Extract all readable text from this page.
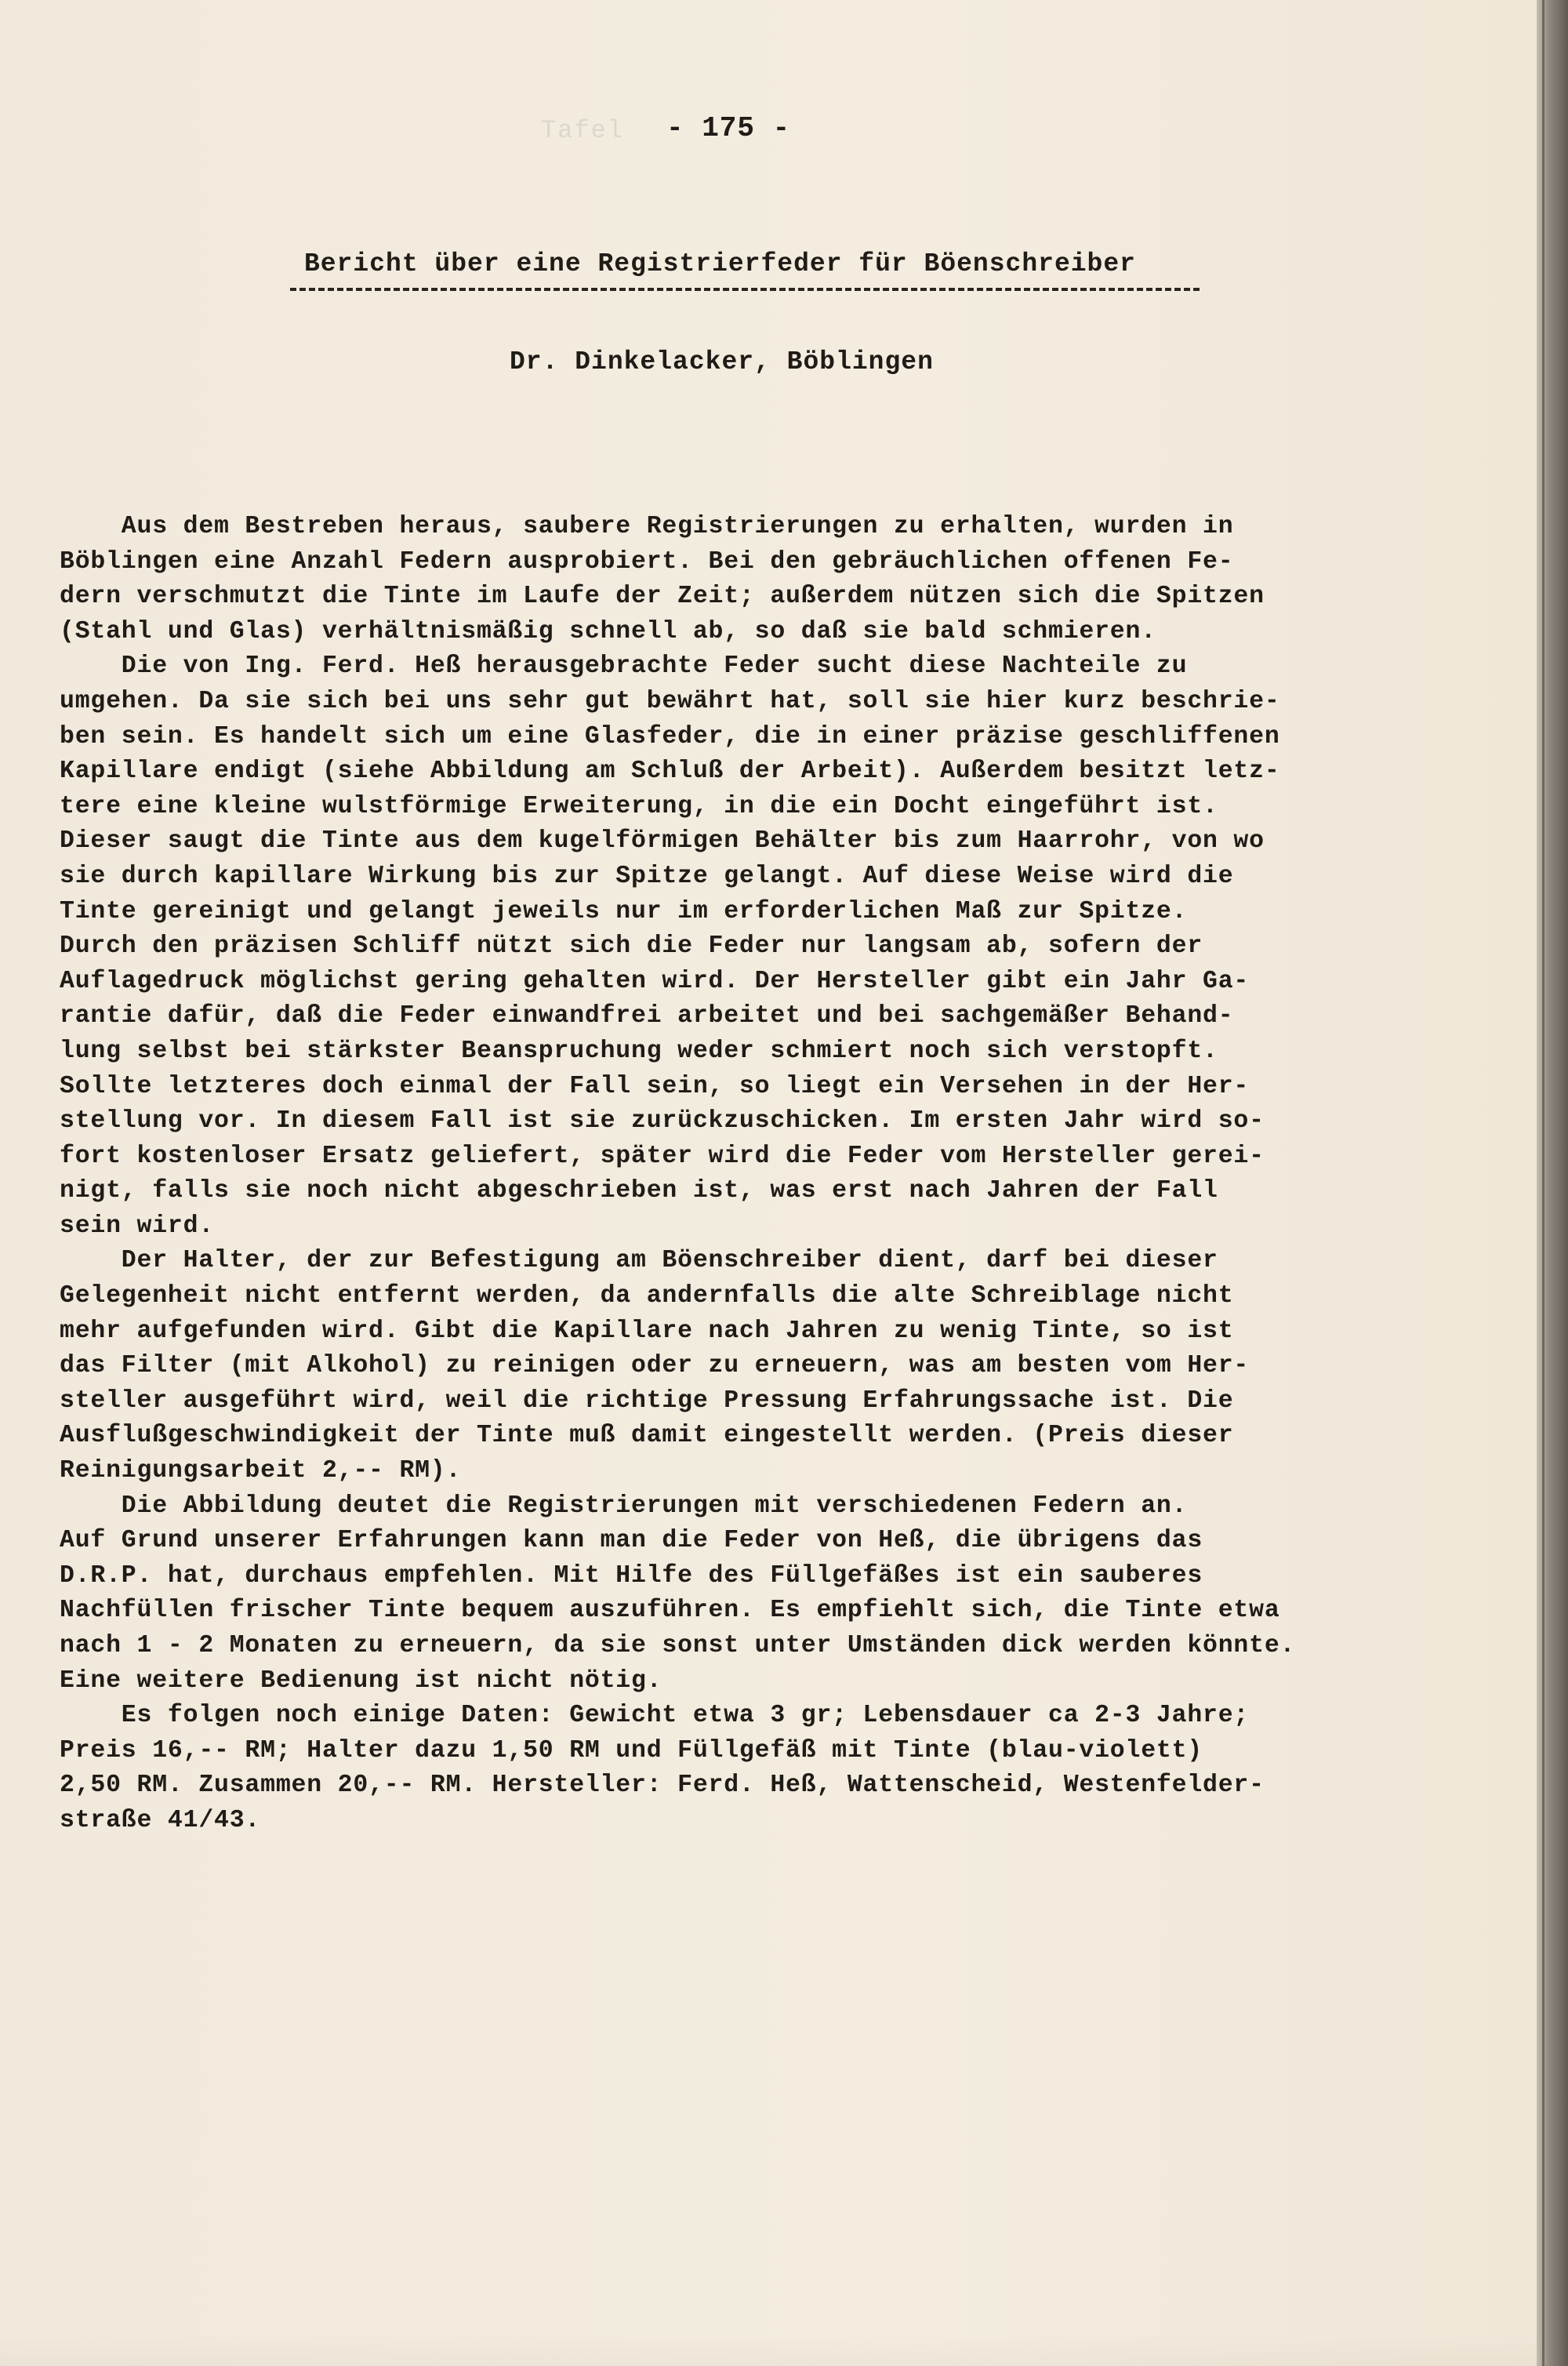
Tafel - 175 -
Bericht über eine Registrierfeder für Böenschreiber
Dr. Dinkelacker, Böblingen
Aus dem Bestreben heraus, saubere Registrierungen zu erhalten, wurden in
Böblingen eine Anzahl Federn ausprobiert. Bei den gebräuchlichen offenen Fe-
dern verschmutzt die Tinte im Laufe der Zeit; außerdem nützen sich die Spitzen
(Stahl und Glas) verhältnismäßig schnell ab, so daß sie bald schmieren.
Die von Ing. Ferd. Heß herausgebrachte Feder sucht diese Nachteile zu
umgehen. Da sie sich bei uns sehr gut bewährt hat, soll sie hier kurz beschrie-
ben sein. Es handelt sich um eine Glasfeder, die in einer präzise geschliffenen
Kapillare endigt (siehe Abbildung am Schluß der Arbeit). Außerdem besitzt letz-
tere eine kleine wulstförmige Erweiterung, in die ein Docht eingeführt ist.
Dieser saugt die Tinte aus dem kugelförmigen Behälter bis zum Haarrohr, von wo
sie durch kapillare Wirkung bis zur Spitze gelangt. Auf diese Weise wird die
Tinte gereinigt und gelangt jeweils nur im erforderlichen Maß zur Spitze.
Durch den präzisen Schliff nützt sich die Feder nur langsam ab, sofern der
Auflagedruck möglichst gering gehalten wird. Der Hersteller gibt ein Jahr Ga-
rantie dafür, daß die Feder einwandfrei arbeitet und bei sachgemäßer Behand-
lung selbst bei stärkster Beanspruchung weder schmiert noch sich verstopft.
Sollte letzteres doch einmal der Fall sein, so liegt ein Versehen in der Her-
stellung vor. In diesem Fall ist sie zurückzuschicken. Im ersten Jahr wird so-
fort kostenloser Ersatz geliefert, später wird die Feder vom Hersteller gerei-
nigt, falls sie noch nicht abgeschrieben ist, was erst nach Jahren der Fall
sein wird.
Der Halter, der zur Befestigung am Böenschreiber dient, darf bei dieser
Gelegenheit nicht entfernt werden, da andernfalls die alte Schreiblage nicht
mehr aufgefunden wird. Gibt die Kapillare nach Jahren zu wenig Tinte, so ist
das Filter (mit Alkohol) zu reinigen oder zu erneuern, was am besten vom Her-
steller ausgeführt wird, weil die richtige Pressung Erfahrungssache ist. Die
Ausflußgeschwindigkeit der Tinte muß damit eingestellt werden. (Preis dieser
Reinigungsarbeit 2,-- RM).
Die Abbildung deutet die Registrierungen mit verschiedenen Federn an.
Auf Grund unserer Erfahrungen kann man die Feder von Heß, die übrigens das
D.R.P. hat, durchaus empfehlen. Mit Hilfe des Füllgefäßes ist ein sauberes
Nachfüllen frischer Tinte bequem auszuführen. Es empfiehlt sich, die Tinte etwa
nach 1 - 2 Monaten zu erneuern, da sie sonst unter Umständen dick werden könnte.
Eine weitere Bedienung ist nicht nötig.
Es folgen noch einige Daten: Gewicht etwa 3 gr; Lebensdauer ca 2-3 Jahre;
Preis 16,-- RM; Halter dazu 1,50 RM und Füllgefäß mit Tinte (blau-violett)
2,50 RM. Zusammen 20,-- RM. Hersteller: Ferd. Heß, Wattenscheid, Westenfelder-
straße 41/43.
